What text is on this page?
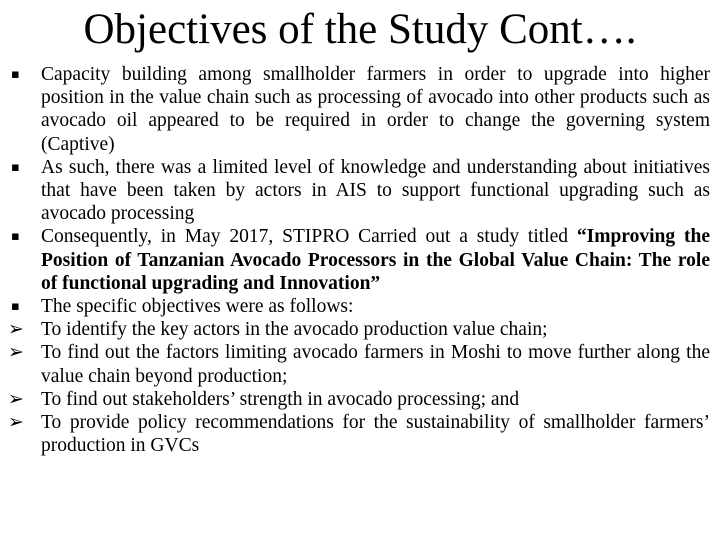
Objectives of the Study Cont….
▪	Capacity building among smallholder farmers in order to upgrade into higher position in the value chain such as processing of avocado into other products such as avocado oil appeared to be required in order to change the governing system (Captive)
▪	As such, there was a limited level of knowledge and understanding about initiatives that have been taken by actors in AIS to support functional upgrading such as avocado processing
▪	Consequently, in May 2017, STIPRO Carried out a study titled “Improving the Position of Tanzanian Avocado Processors in the Global Value Chain: The role of functional upgrading and Innovation”
▪	The specific objectives were as follows:
➢ To identify the key actors in the avocado production value chain;
➢ To find out the factors limiting avocado farmers in Moshi to move further along the value chain beyond production;
➢ To find out stakeholders’ strength in avocado processing; and
➢ To provide policy recommendations for the sustainability of smallholder farmers’ production in GVCs
